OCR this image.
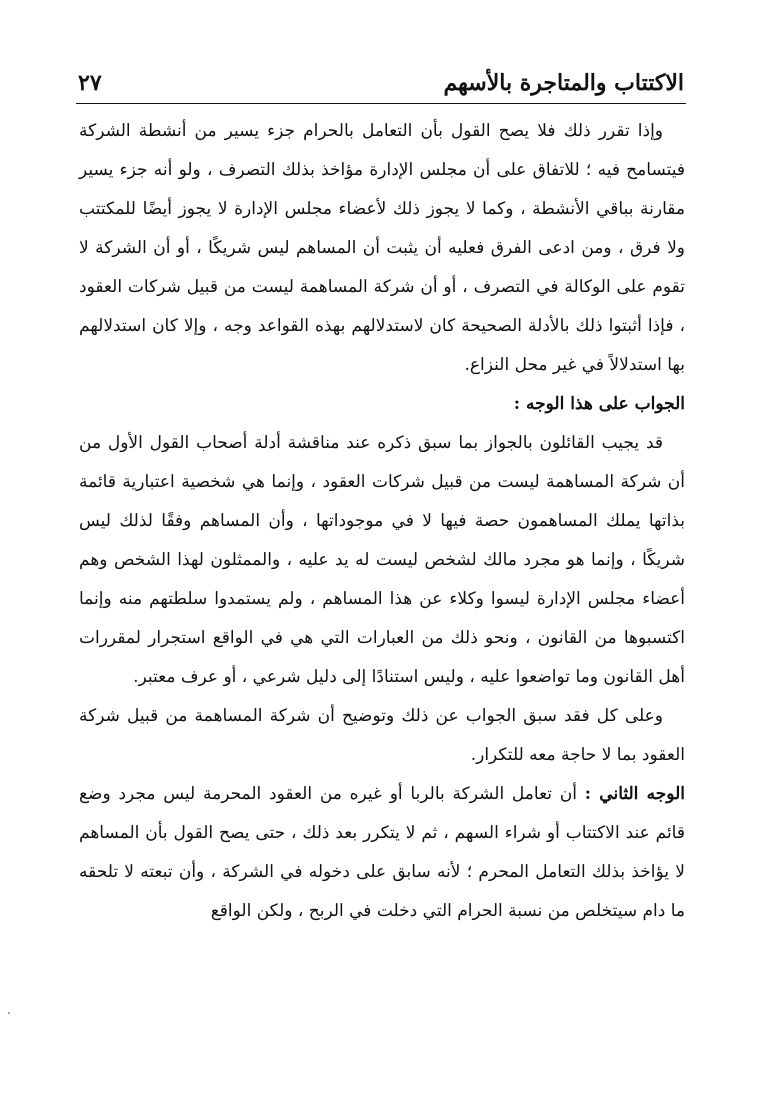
الاكتتاب والمتاجرة بالأسهم
٢٧

وإذا تقرر ذلك فلا يصح القول بأن التعامل بالحرام جزء يسير من أنشطة الشركة فيتسامح فيه ؛ للاتفاق على أن مجلس الإدارة مؤاخذ بذلك التصرف ، ولو أنه جزء يسير مقارنة بباقي الأنشطة ، وكما لا يجوز ذلك لأعضاء مجلس الإدارة لا يجوز أيضًا للمكتتب ولا فرق ، ومن ادعى الفرق فعليه أن يثبت أن المساهم ليس شريكًا ، أو أن الشركة لا تقوم على الوكالة في التصرف ، أو أن شركة المساهمة ليست من قبيل شركات العقود ، فإذا أثبتوا ذلك بالأدلة الصحيحة كان لاستدلالهم بهذه القواعد وجه ، وإلا كان استدلالهم بها استدلالاً في غير محل النزاع.

الجواب على هذا الوجه :

قد يجيب القائلون بالجواز بما سبق ذكره عند مناقشة أدلة أصحاب القول الأول من أن شركة المساهمة ليست من قبيل شركات العقود ، وإنما هي شخصية اعتبارية قائمة بذاتها يملك المساهمون حصة فيها لا في موجوداتها ، وأن المساهم وفقًا لذلك ليس شريكًا ، وإنما هو مجرد مالك لشخص ليست له يد عليه ، والممثلون لهذا الشخص وهم أعضاء مجلس الإدارة ليسوا وكلاء عن هذا المساهم ، ولم يستمدوا سلطتهم منه وإنما اكتسبوها من القانون ، ونحو ذلك من العبارات التي هي في الواقع استجرار لمقررات أهل القانون وما تواضعوا عليه ، وليس استنادًا إلى دليل شرعي ، أو عرف معتبر.

وعلى كل فقد سبق الجواب عن ذلك وتوضيح أن شركة المساهمة من قبيل شركة العقود بما لا حاجة معه للتكرار.

الوجه الثاني : أن تعامل الشركة بالربا أو غيره من العقود المحرمة ليس مجرد وضع قائم عند الاكتتاب أو شراء السهم ، ثم لا يتكرر بعد ذلك ، حتى يصح القول بأن المساهم لا يؤاخذ بذلك التعامل المحرم ؛ لأنه سابق على دخوله في الشركة ، وأن تبعته لا تلحقه ما دام سيتخلص من نسبة الحرام التي دخلت في الربح ، ولكن الواقع
